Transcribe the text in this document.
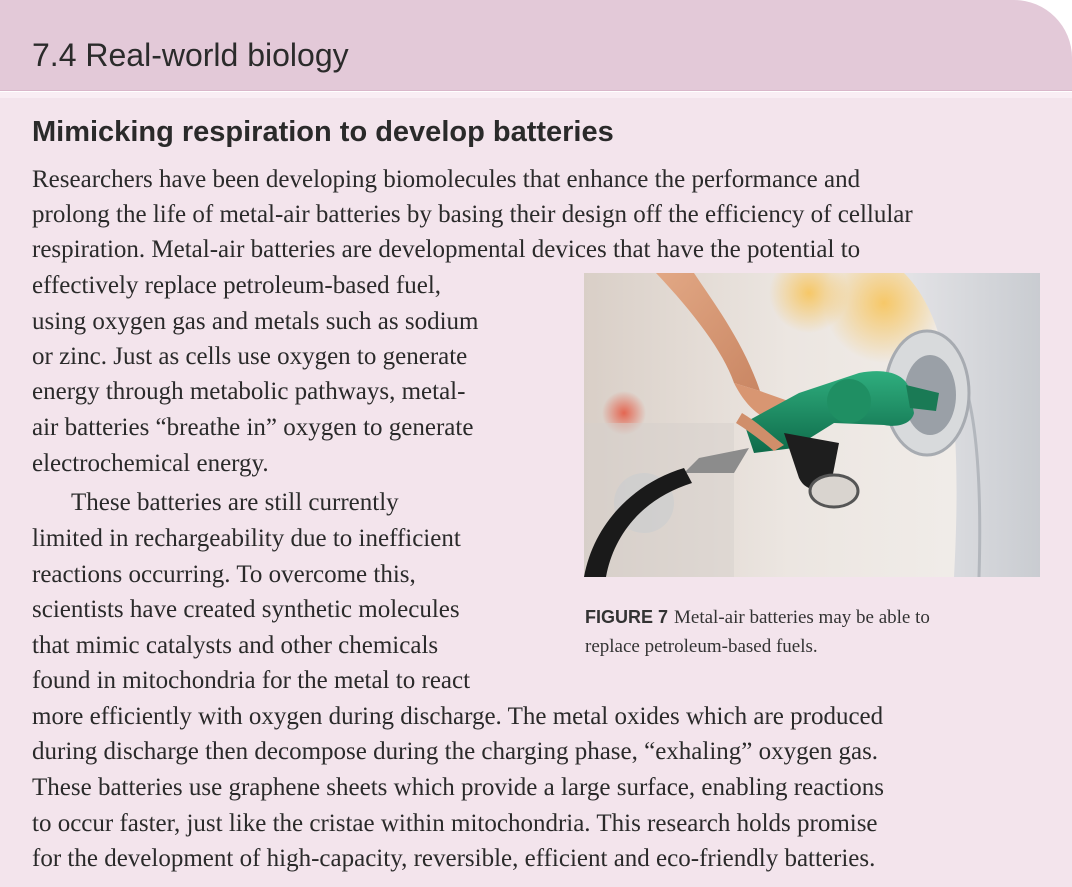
7.4 Real-world biology
Mimicking respiration to develop batteries
Researchers have been developing biomolecules that enhance the performance and
prolong the life of metal-air batteries by basing their design off the efficiency of cellular
respiration. Metal-air batteries are developmental devices that have the potential to
effectively replace petroleum-based fuel,
using oxygen gas and metals such as sodium
or zinc. Just as cells use oxygen to generate
energy through metabolic pathways, metal-
air batteries “breathe in” oxygen to generate
electrochemical energy.
These batteries are still currently
limited in rechargeability due to inefficient
reactions occurring. To overcome this,
scientists have created synthetic molecules
that mimic catalysts and other chemicals
found in mitochondria for the metal to react
more efficiently with oxygen during discharge. The metal oxides which are produced
during discharge then decompose during the charging phase, “exhaling” oxygen gas.
These batteries use graphene sheets which provide a large surface, enabling reactions
to occur faster, just like the cristae within mitochondria. This research holds promise
for the development of high-capacity, reversible, efficient and eco-friendly batteries.
FIGURE 7 Metal-air batteries may be able to
replace petroleum-based fuels.
